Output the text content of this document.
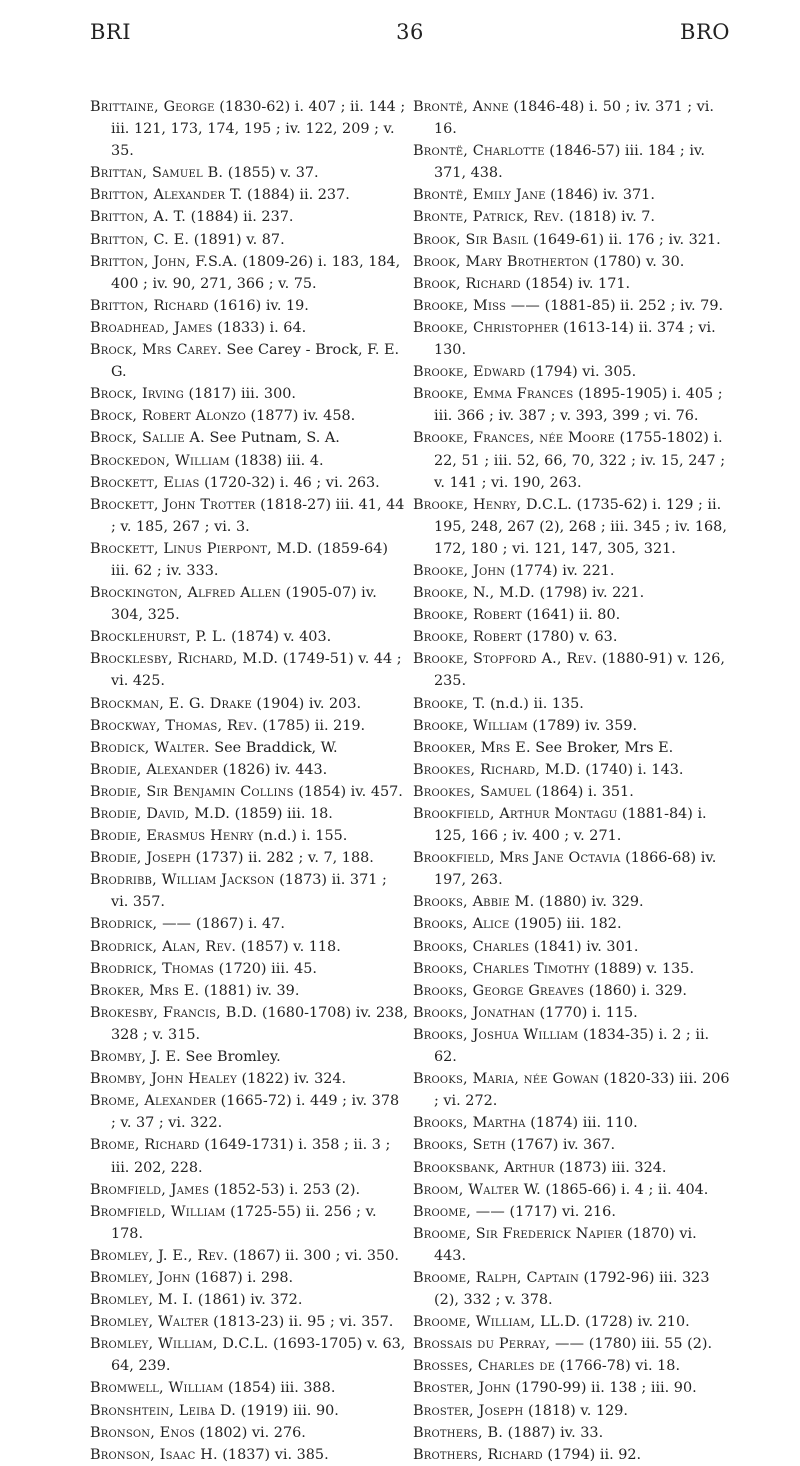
BRI	36	BRO

Brittaine, George (1830-62) i. 407 ; ii. 144 ; iii. 121, 173, 174, 195 ; iv. 122, 209 ; v. 35.

Brittan, Samuel B. (1855) v. 37.

Britton, Alexander T. (1884) ii. 237.

Britton, A. T. (1884) ii. 237.

Britton, C. E. (1891) v. 87.

Britton, John, F.S.A. (1809-26) i. 183, 184, 400 ; iv. 90, 271, 366 ; v. 75.

Britton, Richard (1616) iv. 19.

Broadhead, James (1833) i. 64.

Brock, Mrs Carey. See Carey - Brock, F. E. G.

Brock, Irving (1817) iii. 300.

Brock, Robert Alonzo (1877) iv. 458.

Brock, Sallie A. See Putnam, S. A.

Brockedon, William (1838) iii. 4.

Brockett, Elias (1720-32) i. 46 ; vi. 263.

Brockett, John Trotter (1818-27) iii. 41, 44 ; v. 185, 267 ; vi. 3.

Brockett, Linus Pierpont, M.D. (1859-64) iii. 62 ; iv. 333.

Brockington, Alfred Allen (1905-07) iv. 304, 325.

Brocklehurst, P. L. (1874) v. 403.

Brocklesby, Richard, M.D. (1749-51) v. 44 ; vi. 425.

Brockman, E. G. Drake (1904) iv. 203.

Brockway, Thomas, Rev. (1785) ii. 219.

Brodick, Walter. See Braddick, W.

Brodie, Alexander (1826) iv. 443.

Brodie, Sir Benjamin Collins (1854) iv. 457.

Brodie, David, M.D. (1859) iii. 18.

Brodie, Erasmus Henry (n.d.) i. 155.

Brodie, Joseph (1737) ii. 282 ; v. 7, 188.

Brodribb, William Jackson (1873) ii. 371 ; vi. 357.

Brodrick, —— (1867) i. 47.

Brodrick, Alan, Rev. (1857) v. 118.

Brodrick, Thomas (1720) iii. 45.

Broker, Mrs E. (1881) iv. 39.

Brokesby, Francis, B.D. (1680-1708) iv. 238, 328 ; v. 315.

Bromby, J. E. See Bromley.

Bromby, John Healey (1822) iv. 324.

Brome, Alexander (1665-72) i. 449 ; iv. 378 ; v. 37 ; vi. 322.

Brome, Richard (1649-1731) i. 358 ; ii. 3 ; iii. 202, 228.

Bromfield, James (1852-53) i. 253 (2).

Bromfield, William (1725-55) ii. 256 ; v. 178.

Bromley, J. E., Rev. (1867) ii. 300 ; vi. 350.

Bromley, John (1687) i. 298.

Bromley, M. I. (1861) iv. 372.

Bromley, Walter (1813-23) ii. 95 ; vi. 357.

Bromley, William, D.C.L. (1693-1705) v. 63, 64, 239.

Bromwell, William (1854) iii. 388.

Bronshtein, Leiba D. (1919) iii. 90.

Bronson, Enos (1802) vi. 276.

Bronson, Isaac H. (1837) vi. 385.

Brontë, Anne (1846-48) i. 50 ; iv. 371 ; vi. 16.

Brontë, Charlotte (1846-57) iii. 184 ; iv. 371, 438.

Brontë, Emily Jane (1846) iv. 371.

Bronte, Patrick, Rev. (1818) iv. 7.

Brook, Sir Basil (1649-61) ii. 176 ; iv. 321.

Brook, Mary Brotherton (1780) v. 30.

Brook, Richard (1854) iv. 171.

Brooke, Miss —— (1881-85) ii. 252 ; iv. 79.

Brooke, Christopher (1613-14) ii. 374 ; vi. 130.

Brooke, Edward (1794) vi. 305.

Brooke, Emma Frances (1895-1905) i. 405 ; iii. 366 ; iv. 387 ; v. 393, 399 ; vi. 76.

Brooke, Frances, née Moore (1755-1802) i. 22, 51 ; iii. 52, 66, 70, 322 ; iv. 15, 247 ; v. 141 ; vi. 190, 263.

Brooke, Henry, D.C.L. (1735-62) i. 129 ; ii. 195, 248, 267 (2), 268 ; iii. 345 ; iv. 168, 172, 180 ; vi. 121, 147, 305, 321.

Brooke, John (1774) iv. 221.

Brooke, N., M.D. (1798) iv. 221.

Brooke, Robert (1641) ii. 80.

Brooke, Robert (1780) v. 63.

Brooke, Stopford A., Rev. (1880-91) v. 126, 235.

Brooke, T. (n.d.) ii. 135.

Brooke, William (1789) iv. 359.

Brooker, Mrs E. See Broker, Mrs E.

Brookes, Richard, M.D. (1740) i. 143.

Brookes, Samuel (1864) i. 351.

Brookfield, Arthur Montagu (1881-84) i. 125, 166 ; iv. 400 ; v. 271.

Brookfield, Mrs Jane Octavia (1866-68) iv. 197, 263.

Brooks, Abbie M. (1880) iv. 329.

Brooks, Alice (1905) iii. 182.

Brooks, Charles (1841) iv. 301.

Brooks, Charles Timothy (1889) v. 135.

Brooks, George Greaves (1860) i. 329.

Brooks, Jonathan (1770) i. 115.

Brooks, Joshua William (1834-35) i. 2 ; ii. 62.

Brooks, Maria, née Gowan (1820-33) iii. 206 ; vi. 272.

Brooks, Martha (1874) iii. 110.

Brooks, Seth (1767) iv. 367.

Brooksbank, Arthur (1873) iii. 324.

Broom, Walter W. (1865-66) i. 4 ; ii. 404.

Broome, —— (1717) vi. 216.

Broome, Sir Frederick Napier (1870) vi. 443.

Broome, Ralph, Captain (1792-96) iii. 323 (2), 332 ; v. 378.

Broome, William, LL.D. (1728) iv. 210.

Brossais du Perray, —— (1780) iii. 55 (2).

Brosses, Charles de (1766-78) vi. 18.

Broster, John (1790-99) ii. 138 ; iii. 90.

Broster, Joseph (1818) v. 129.

Brothers, B. (1887) iv. 33.

Brothers, Richard (1794) ii. 92.
